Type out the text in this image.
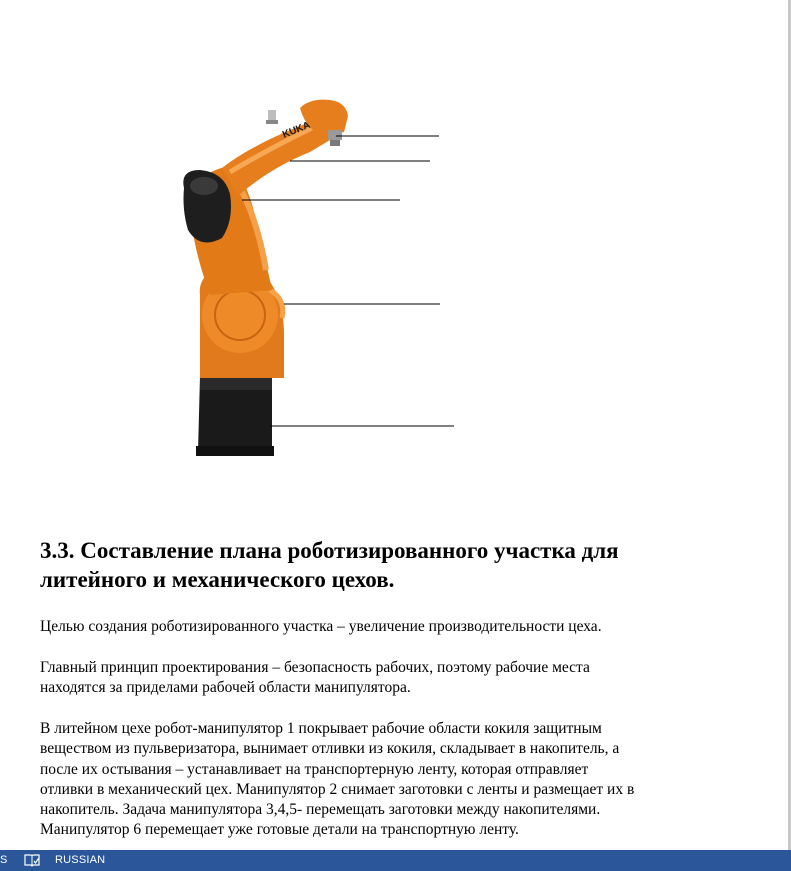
KUKA
3.3. Составление плана роботизированного участка для
литейного и механического цехов.

Целью создания роботизированного участка – увеличение производительности цеха.

Главный принцип проектирования – безопасность рабочих, поэтому рабочие места
находятся за приделами рабочей области манипулятора.

В литейном цехе робот-манипулятор 1 покрывает рабочие области кокиля защитным
веществом из пульверизатора, вынимает отливки из кокиля, складывает в накопитель, а
после их остывания – устанавливает на транспортерную ленту, которая отправляет
отливки в механический цех. Манипулятор 2 снимает заготовки с ленты и размещает их в
накопитель. Задача манипулятора 3,4,5- перемещать заготовки между накопителями.
Манипулятор 6 перемещает уже готовые детали на транспортную ленту.

S	RUSSIAN
